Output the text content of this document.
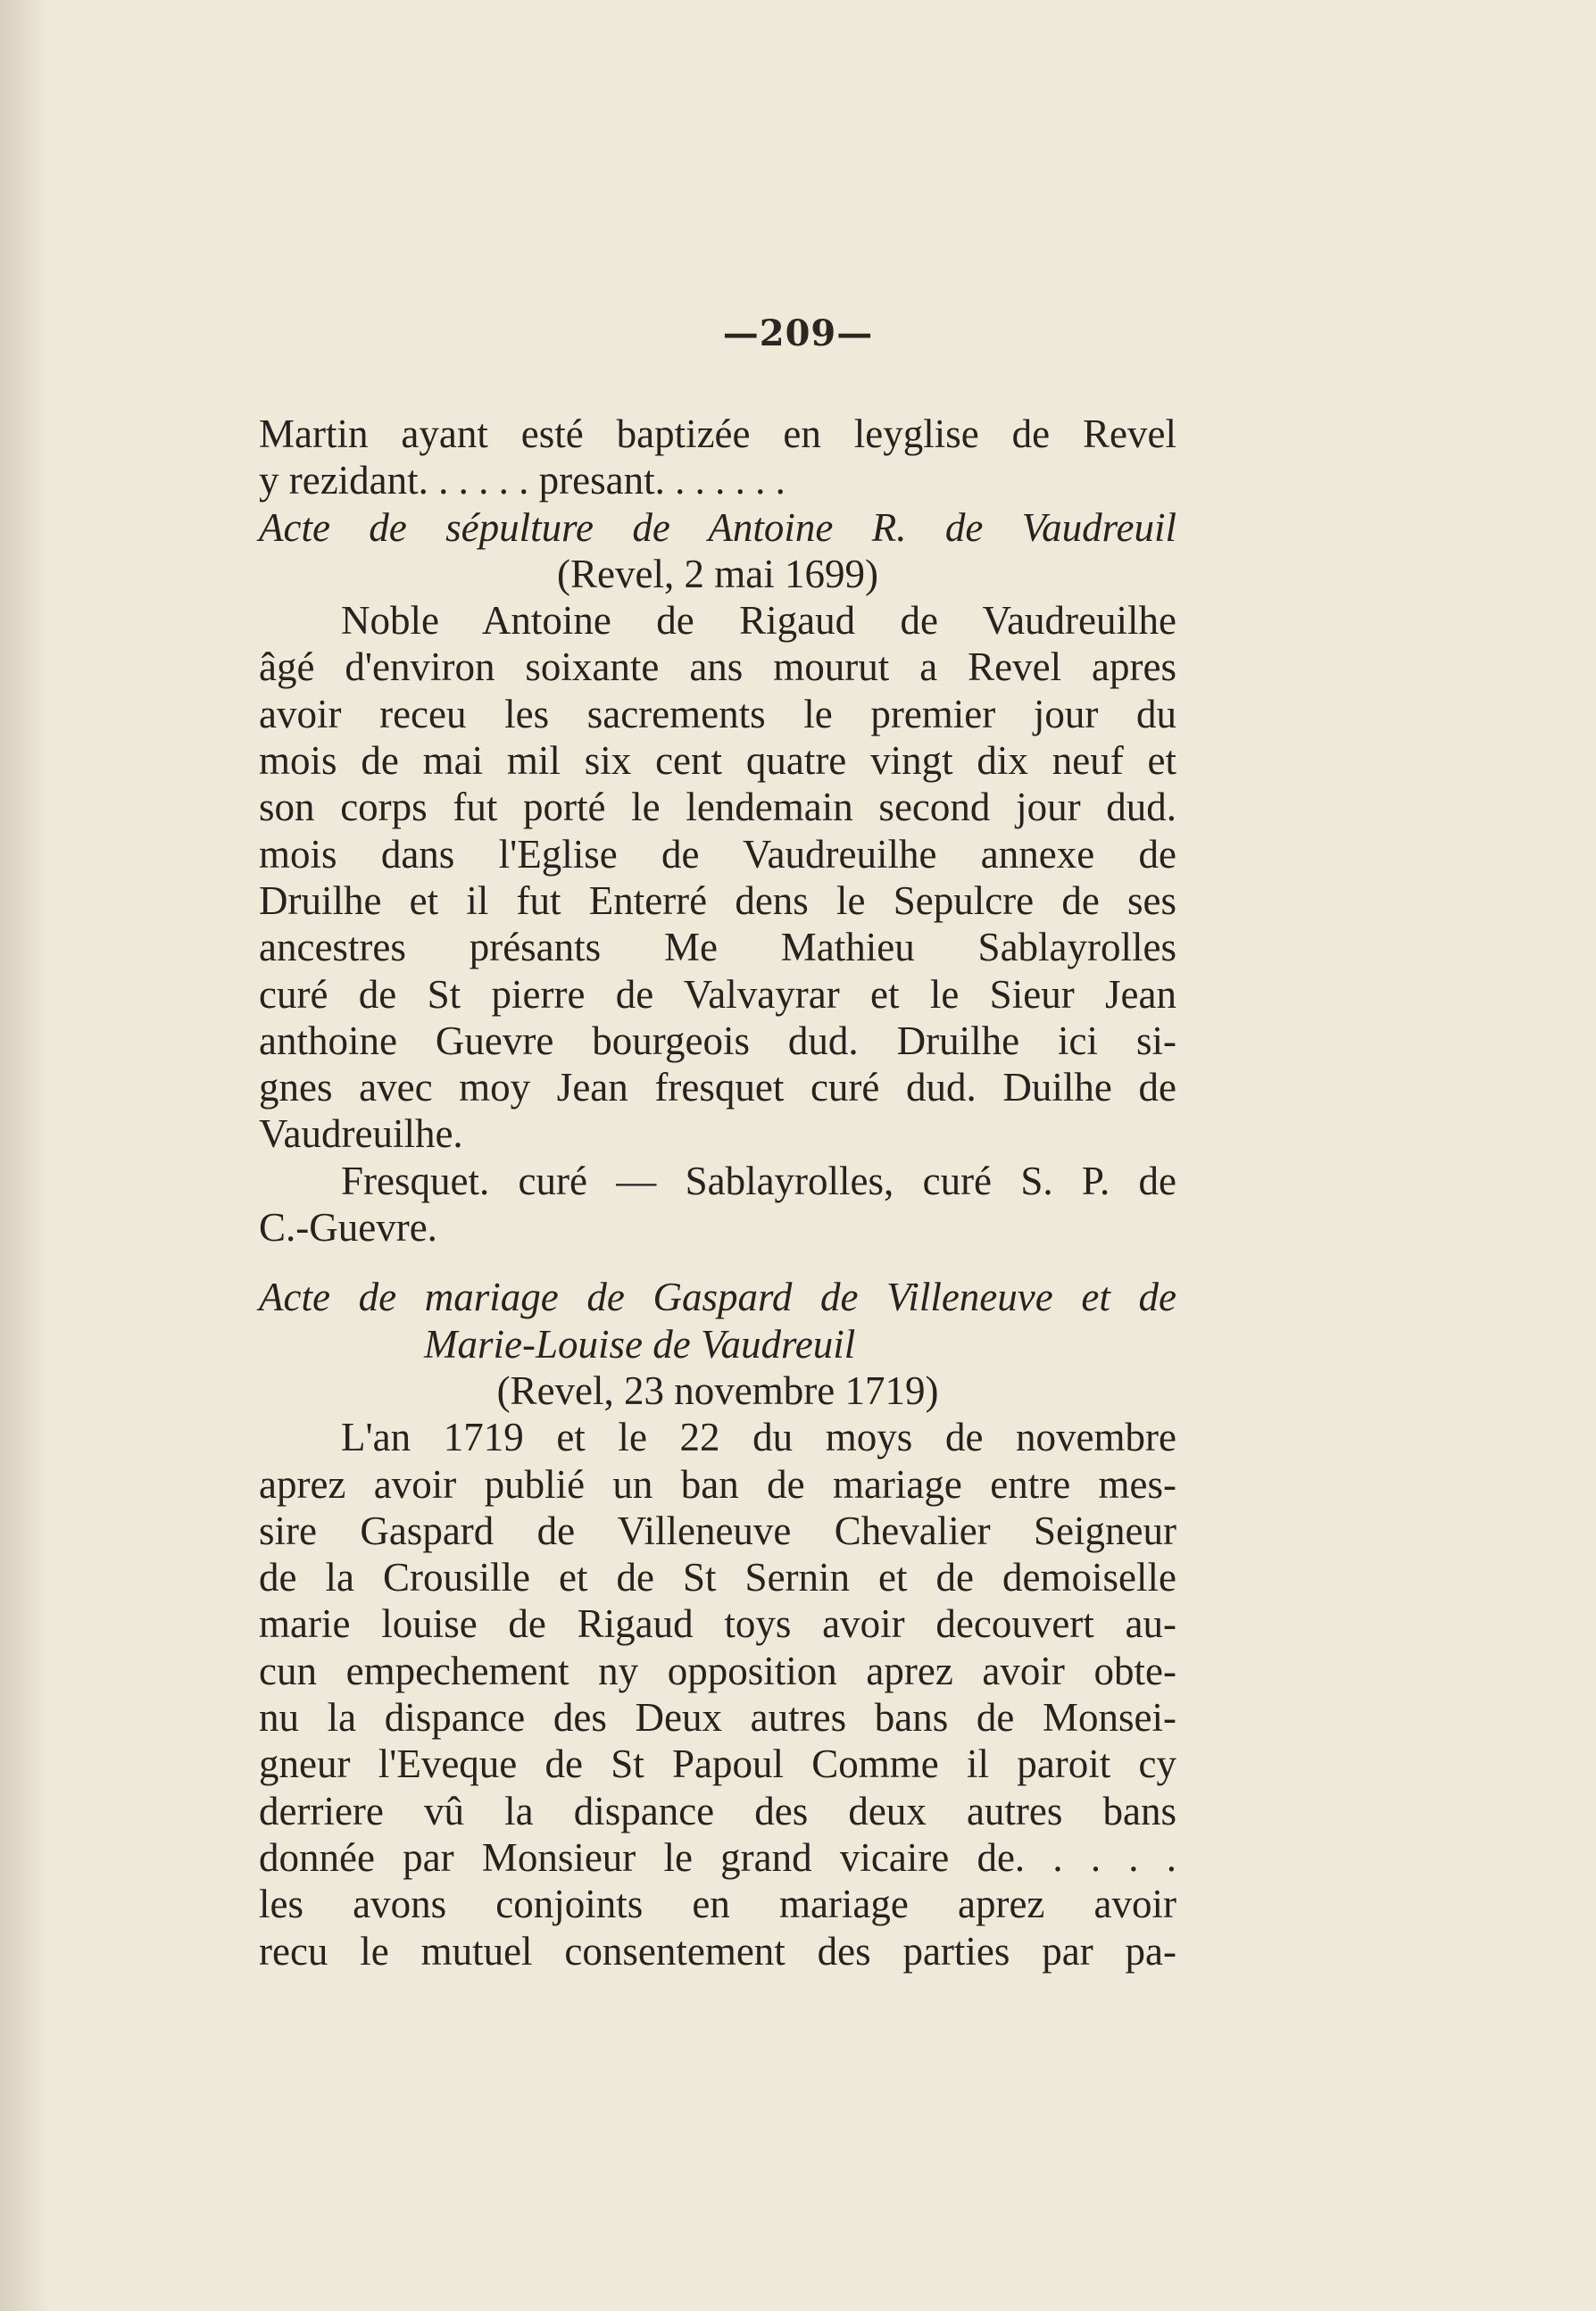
—209—
Martin ayant esté baptizée en leyglise de Revel
y rezidant. . . . . . presant. . . . . . .
Acte de sépulture de Antoine R. de Vaudreuil
(Revel, 2 mai 1699)
Noble Antoine de Rigaud de Vaudreuilhe
âgé d'environ soixante ans mourut a Revel apres
avoir receu les sacrements le premier jour du
mois de mai mil six cent quatre vingt dix neuf et
son corps fut porté le lendemain second jour dud.
mois dans l'Eglise de Vaudreuilhe annexe de
Druilhe et il fut Enterré dens le Sepulcre de ses
ancestres présants Me Mathieu Sablayrolles
curé de St pierre de Valvayrar et le Sieur Jean
anthoine Guevre bourgeois dud. Druilhe ici si-
gnes avec moy Jean fresquet curé dud. Duilhe de
Vaudreuilhe.
Fresquet. curé — Sablayrolles, curé S. P. de
C.-Guevre.
Acte de mariage de Gaspard de Villeneuve et de
Marie-Louise de Vaudreuil
(Revel, 23 novembre 1719)
L'an 1719 et le 22 du moys de novembre
aprez avoir publié un ban de mariage entre mes-
sire Gaspard de Villeneuve Chevalier Seigneur
de la Crousille et de St Sernin et de demoiselle
marie louise de Rigaud toys avoir decouvert au-
cun empechement ny opposition aprez avoir obte-
nu la dispance des Deux autres bans de Monsei-
gneur l'Eveque de St Papoul Comme il paroit cy
derriere vû la dispance des deux autres bans
donnée par Monsieur le grand vicaire de. . . . .
les avons conjoints en mariage aprez avoir
recu le mutuel consentement des parties par pa-
